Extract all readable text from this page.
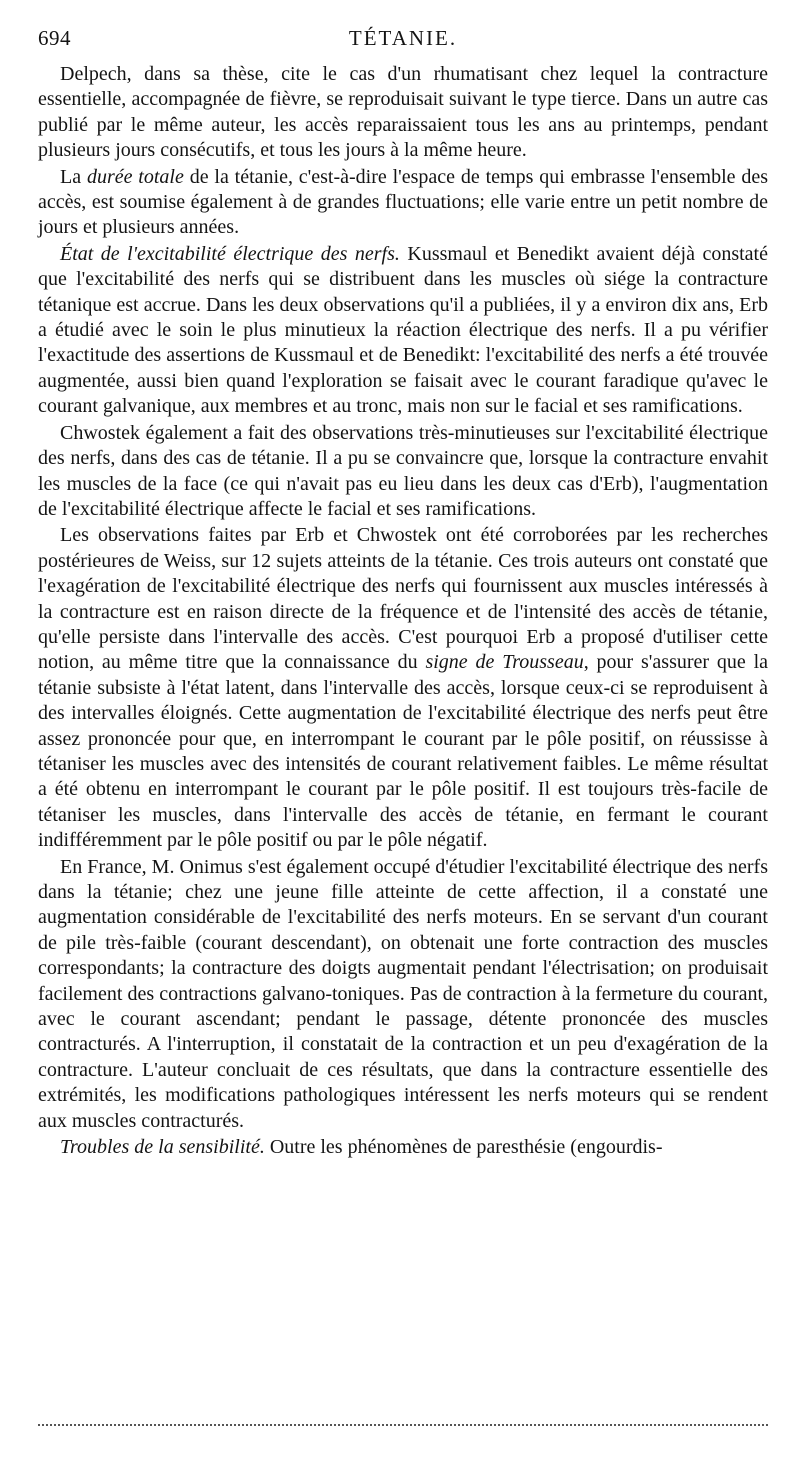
694	TÉTANIE.

Delpech, dans sa thèse, cite le cas d'un rhumatisant chez lequel la contracture essentielle, accompagnée de fièvre, se reproduisait suivant le type tierce. Dans un autre cas publié par le même auteur, les accès reparaissaient tous les ans au printemps, pendant plusieurs jours consécutifs, et tous les jours à la même heure.

La durée totale de la tétanie, c'est-à-dire l'espace de temps qui embrasse l'ensemble des accès, est soumise également à de grandes fluctuations; elle varie entre un petit nombre de jours et plusieurs années.

État de l'excitabilité électrique des nerfs. Kussmaul et Benedikt avaient déjà constaté que l'excitabilité des nerfs qui se distribuent dans les muscles où siége la contracture tétanique est accrue. Dans les deux observations qu'il a publiées, il y a environ dix ans, Erb a étudié avec le soin le plus minutieux la réaction électrique des nerfs. Il a pu vérifier l'exactitude des assertions de Kussmaul et de Benedikt: l'excitabilité des nerfs a été trouvée augmentée, aussi bien quand l'exploration se faisait avec le courant faradique qu'avec le courant galvanique, aux membres et au tronc, mais non sur le facial et ses ramifications.

Chwostek également a fait des observations très-minutieuses sur l'excitabilité électrique des nerfs, dans des cas de tétanie. Il a pu se convaincre que, lorsque la contracture envahit les muscles de la face (ce qui n'avait pas eu lieu dans les deux cas d'Erb), l'augmentation de l'excitabilité électrique affecte le facial et ses ramifications.

Les observations faites par Erb et Chwostek ont été corroborées par les recherches postérieures de Weiss, sur 12 sujets atteints de la tétanie. Ces trois auteurs ont constaté que l'exagération de l'excitabilité électrique des nerfs qui fournissent aux muscles intéressés à la contracture est en raison directe de la fréquence et de l'intensité des accès de tétanie, qu'elle persiste dans l'intervalle des accès. C'est pourquoi Erb a proposé d'utiliser cette notion, au même titre que la connaissance du signe de Trousseau, pour s'assurer que la tétanie subsiste à l'état latent, dans l'intervalle des accès, lorsque ceux-ci se reproduisent à des intervalles éloignés. Cette augmentation de l'excitabilité électrique des nerfs peut être assez prononcée pour que, en interrompant le courant par le pôle positif, on réussisse à tétaniser les muscles avec des intensités de courant relativement faibles. Le même résultat a été obtenu en interrompant le courant par le pôle positif. Il est toujours très-facile de tétaniser les muscles, dans l'intervalle des accès de tétanie, en fermant le courant indifféremment par le pôle positif ou par le pôle négatif.

En France, M. Onimus s'est également occupé d'étudier l'excitabilité électrique des nerfs dans la tétanie; chez une jeune fille atteinte de cette affection, il a constaté une augmentation considérable de l'excitabilité des nerfs moteurs. En se servant d'un courant de pile très-faible (courant descendant), on obtenait une forte contraction des muscles correspondants; la contracture des doigts augmentait pendant l'électrisation; on produisait facilement des contractions galvano-toniques. Pas de contraction à la fermeture du courant, avec le courant ascendant; pendant le passage, détente prononcée des muscles contracturés. A l'interruption, il constatait de la contraction et un peu d'exagération de la contracture. L'auteur concluait de ces résultats, que dans la contracture essentielle des extrémités, les modifications pathologiques intéressent les nerfs moteurs qui se rendent aux muscles contracturés.

Troubles de la sensibilité. Outre les phénomènes de paresthésie (engourdis-
